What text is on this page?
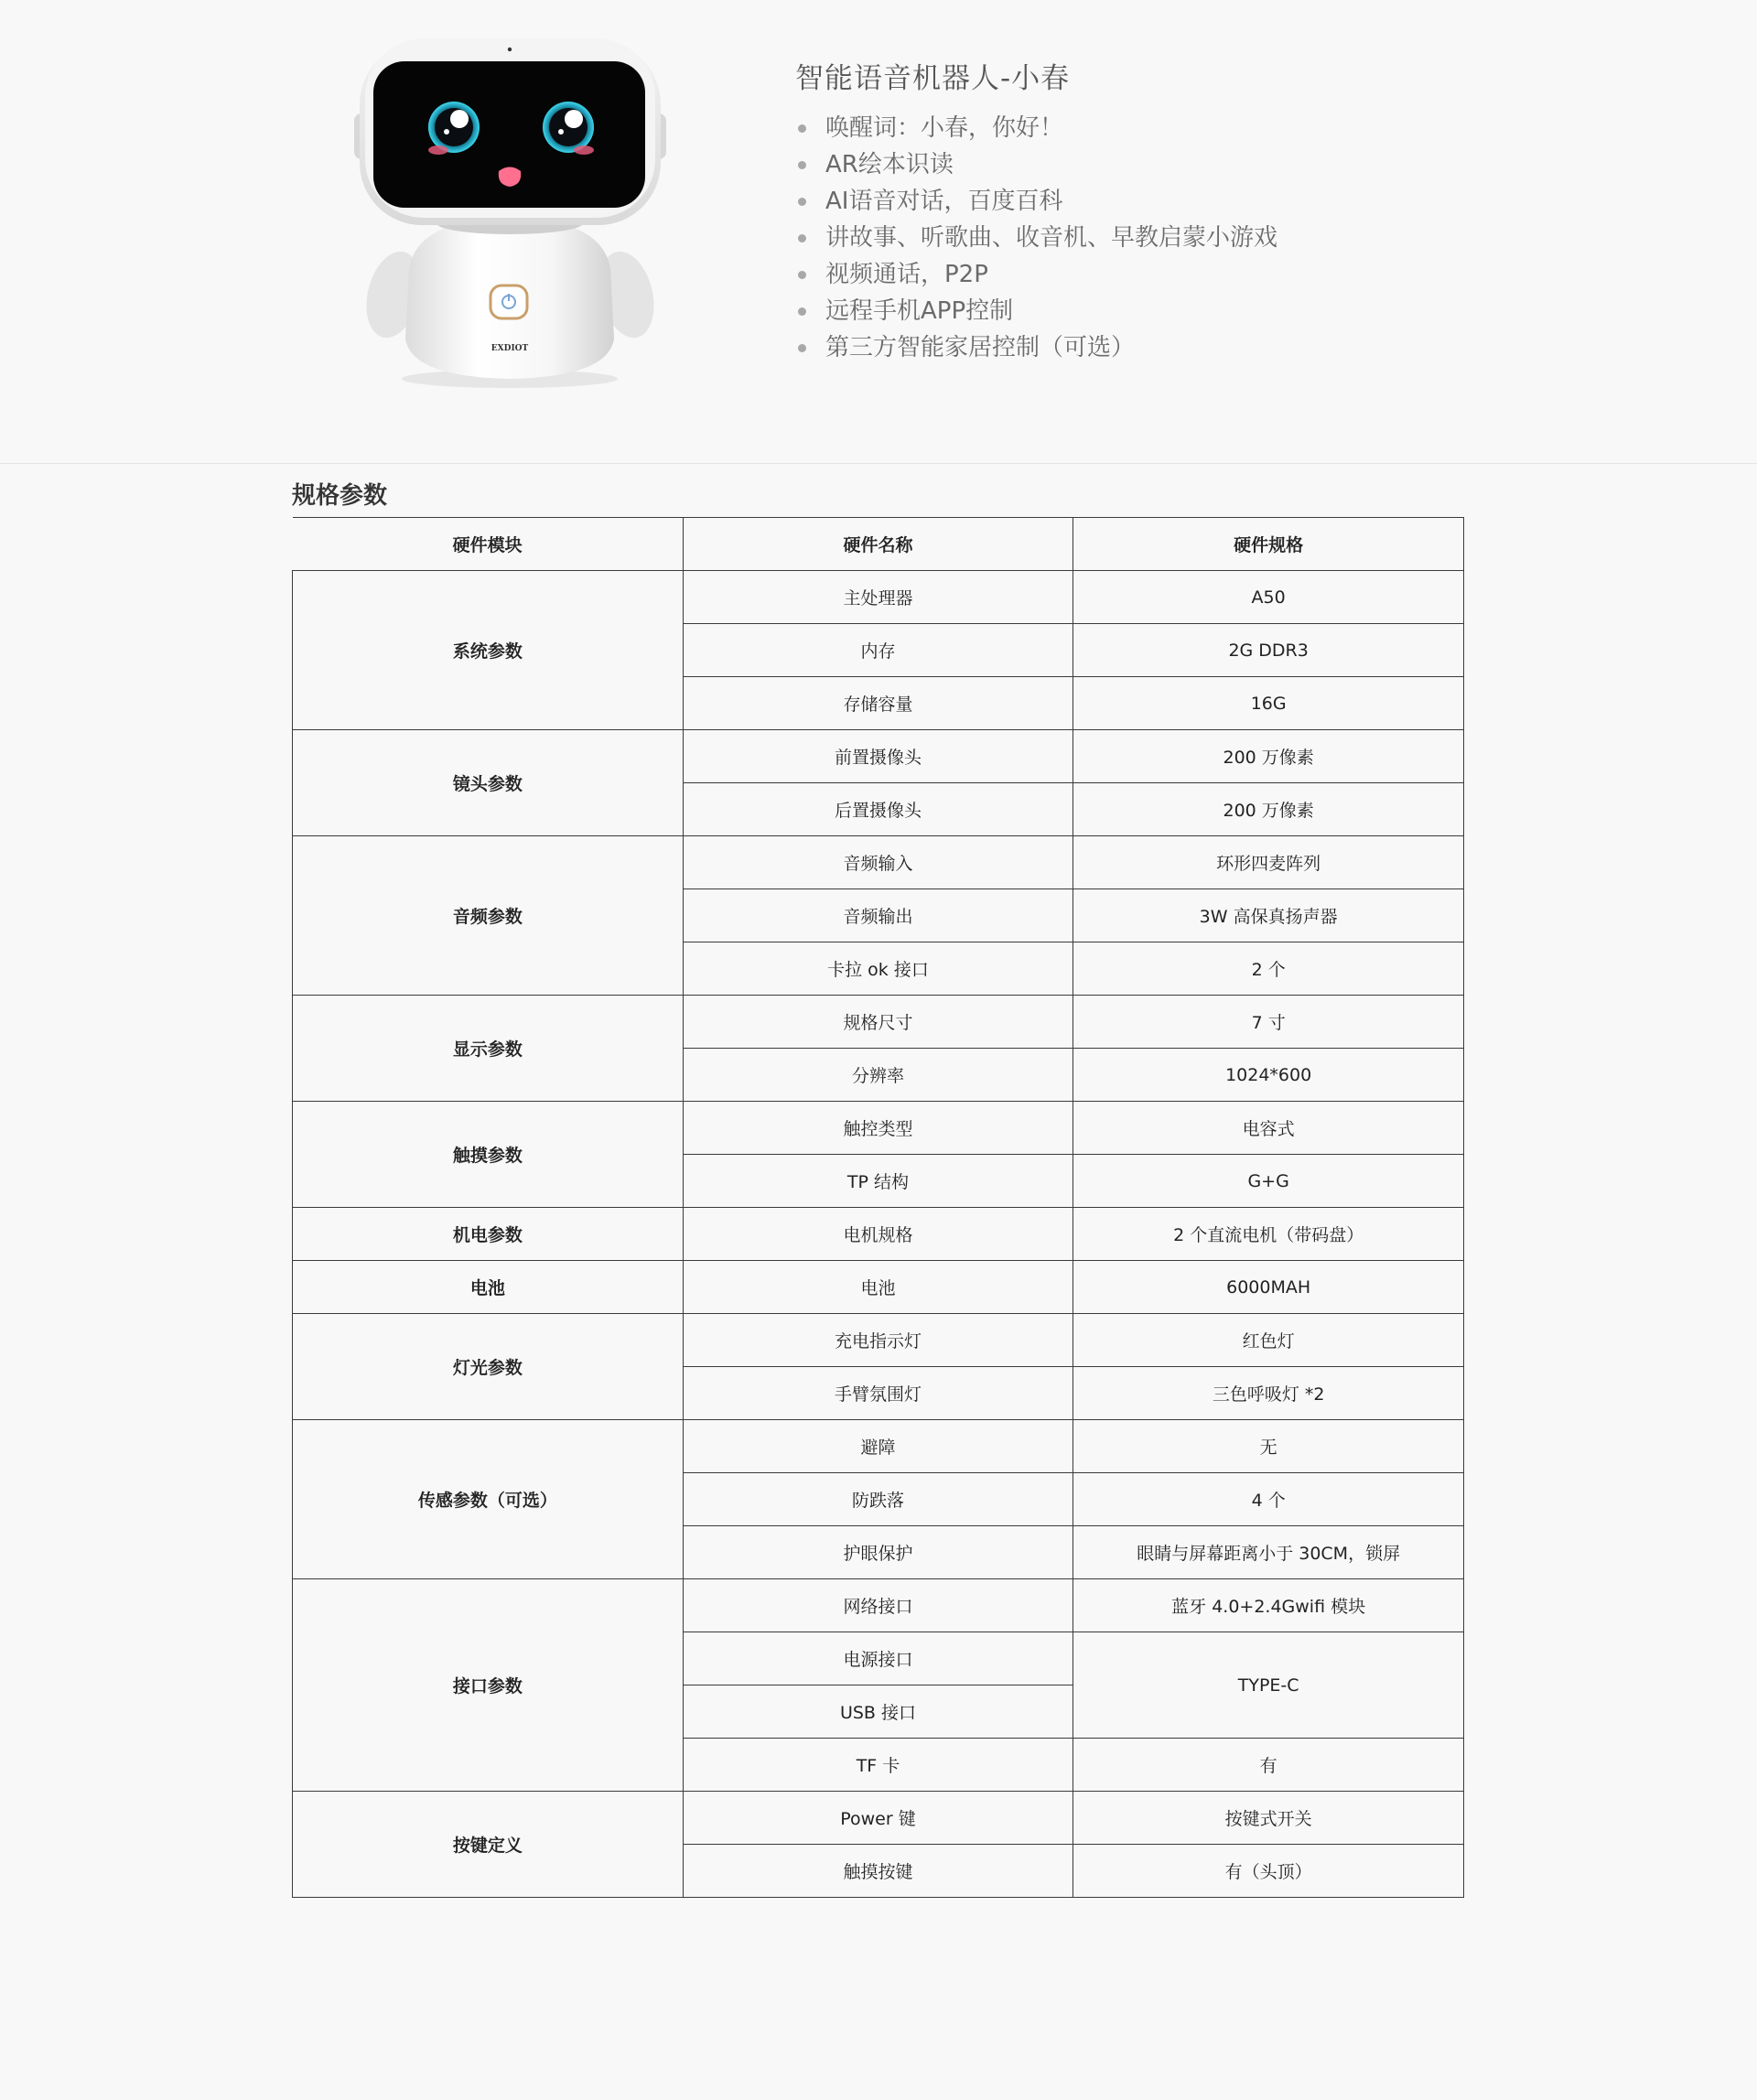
EXDIOT
智能语音机器人-小春
唤醒词：小春，你好！
AR绘本识读
AI语音对话，百度百科
讲故事、听歌曲、收音机、早教启蒙小游戏
视频通话，P2P
远程手机APP控制
第三方智能家居控制（可选）
规格参数
硬件模块	硬件名称	硬件规格
系统参数	主处理器	A50
	内存	2G DDR3
	存储容量	16G
镜头参数	前置摄像头	200 万像素
	后置摄像头	200 万像素
音频参数	音频输入	环形四麦阵列
	音频输出	3W 高保真扬声器
	卡拉 ok 接口	2 个
显示参数	规格尺寸	7 寸
	分辨率	1024*600
触摸参数	触控类型	电容式
	TP 结构	G+G
机电参数	电机规格	2 个直流电机（带码盘）
电池	电池	6000MAH
灯光参数	充电指示灯	红色灯
	手臂氛围灯	三色呼吸灯 *2
传感参数（可选）	避障	无
	防跌落	4 个
	护眼保护	眼睛与屏幕距离小于 30CM，锁屏
接口参数	网络接口	蓝牙 4.0+2.4Gwifi 模块
	电源接口	TYPE-C
	USB 接口	
	TF 卡	有
按键定义	Power 键	按键式开关
	触摸按键	有（头顶）
